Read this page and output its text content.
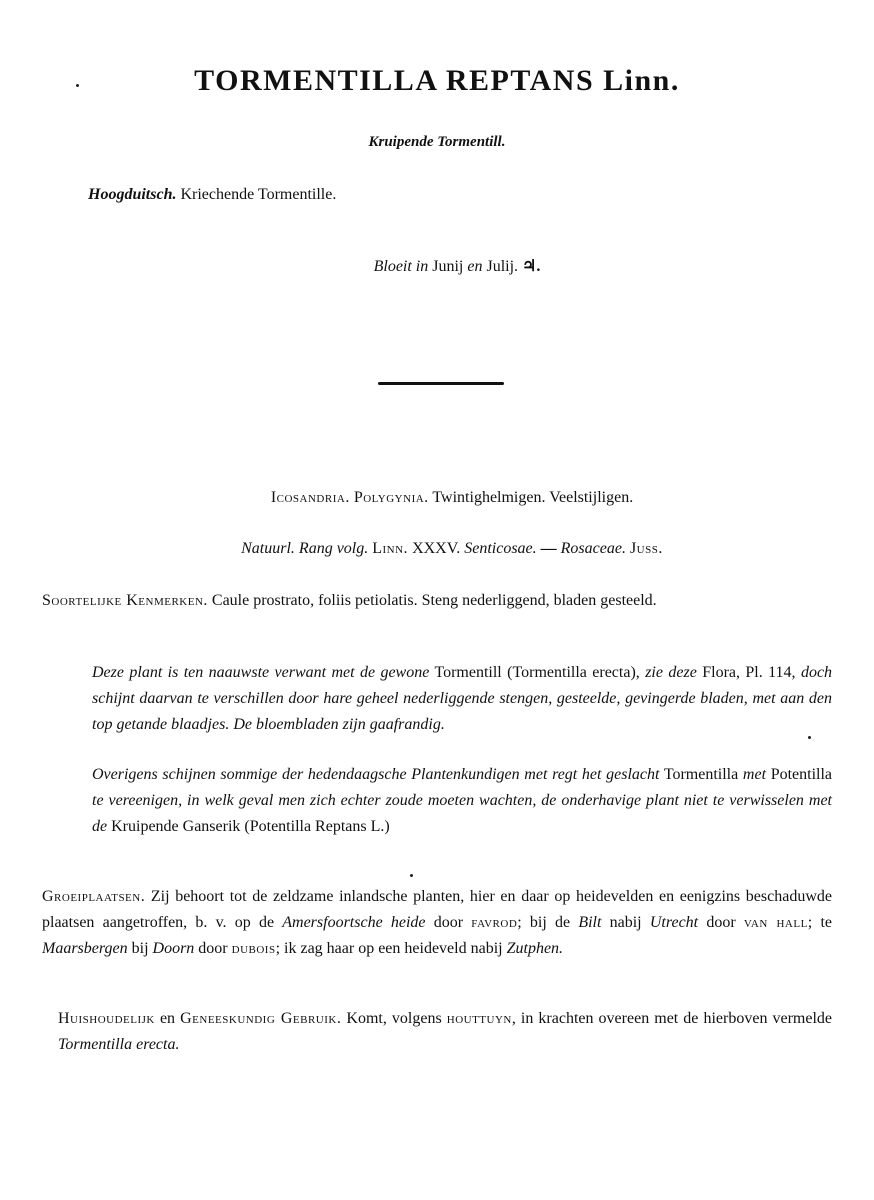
TORMENTILLA REPTANS Linn.
Kruipende Tormentill.
Hoogduitsch. Kriechende Tormentille.
Bloeit in Junij en Julij. ♃.
Icosandria. Polygynia. Twintighelmigen. Veelstijligen.
Natuurl. Rang volg. Linn. XXXV. Senticosae. — Rosaceae. Juss.
Soortelijke Kenmerken. Caule prostrato, foliis petiolatis. Steng nederliggend, bladen gesteeld.
Deze plant is ten naauwste verwant met de gewone Tormentill (Tormentilla erecta), zie deze Flora, Pl. 114, doch schijnt daarvan te verschillen door hare geheel nederliggende stengen, gesteelde, gevingerde bladen, met aan den top getande blaadjes. De bloembladen zijn gaafrandig.
Overigens schijnen sommige der hedendaagsche Plantenkundigen met regt het geslacht Tormentilla met Potentilla te vereenigen, in welk geval men zich echter zoude moeten wachten, de onderhavige plant niet te verwisselen met de Kruipende Ganserik (Potentilla Reptans L.)
Groeiplaatsen. Zij behoort tot de zeldzame inlandsche planten, hier en daar op heidevelden en eenigzins beschaduwde plaatsen aangetroffen, b. v. op de Amersfoortsche heide door favrod; bij de Bilt nabij Utrecht door van hall; te Maarsbergen bij Doorn door dubois; ik zag haar op een heideveld nabij Zutphen.
Huishoudelijk en Geneeskundig Gebruik. Komt, volgens houttuyn, in krachten overeen met de hierboven vermelde Tormentilla erecta.
